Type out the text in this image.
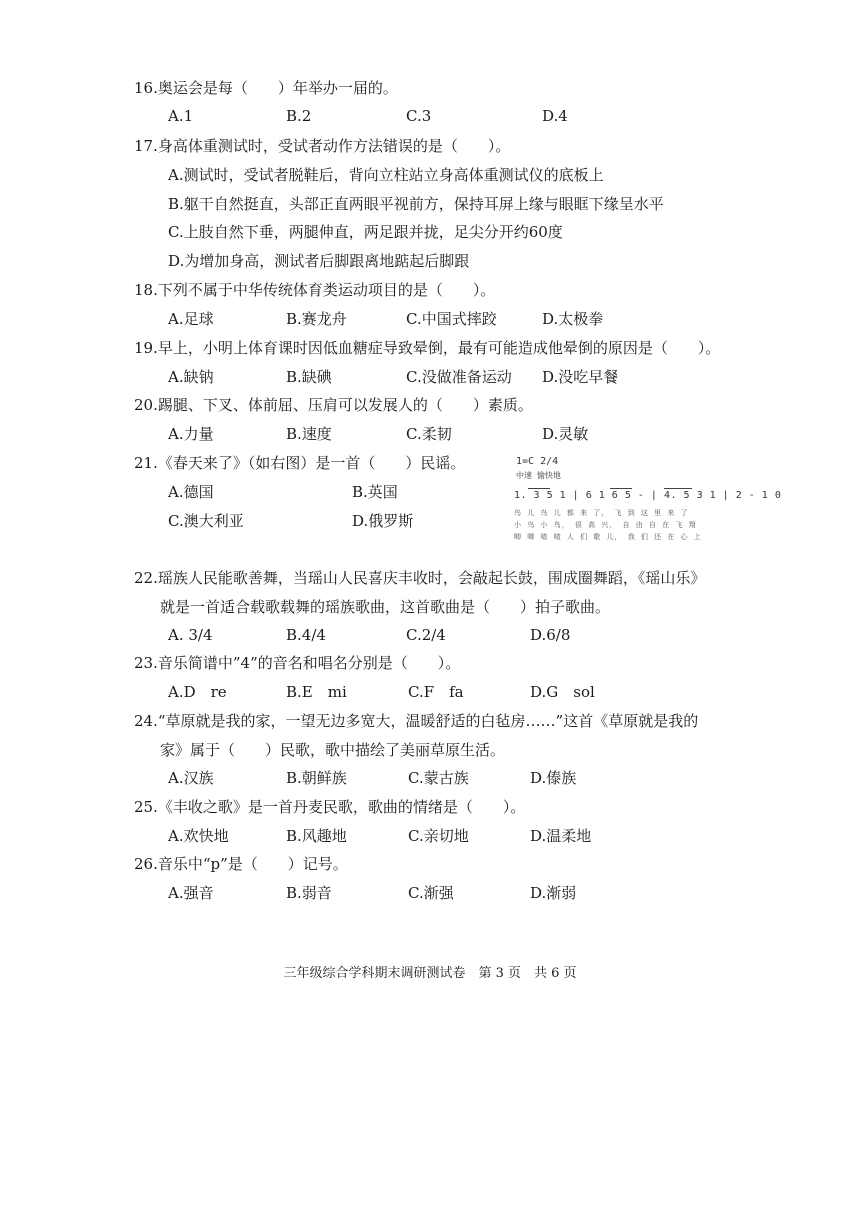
16.奥运会是每（　　）年举办一届的。
A.1	B.2	C.3	D.4
17.身高体重测试时，受试者动作方法错误的是（　　）。
A.测试时，受试者脱鞋后，背向立柱站立身高体重测试仪的底板上
B.躯干自然挺直，头部正直两眼平视前方，保持耳屏上缘与眼眶下缘呈水平
C.上肢自然下垂，两腿伸直，两足跟并拢，足尖分开约60度
D.为增加身高，测试者后脚跟离地踮起后脚跟
18.下列不属于中华传统体育类运动项目的是（　　）。
A.足球	B.赛龙舟	C.中国式摔跤	D.太极拳
19.早上，小明上体育课时因低血糖症导致晕倒，最有可能造成他晕倒的原因是（　　）。
A.缺钠	B.缺碘	C.没做准备运动 D.没吃早餐
20.踢腿、下叉、体前屈、压肩可以发展人的（　　）素质。
A.力量	B.速度	C.柔韧	D.灵敏
21.《春天来了》（如右图）是一首（　　）民谣。
A.德国	B.英国
C.澳大利亚	D.俄罗斯
1=C 2/4
中速 愉快地
1. 3 5 1 | 6 1 6 5 - | 4. 5 3 1 | 2 - 1 0
鸟 儿 鸟 儿 都 来 了， 飞 到 这 里 来 了
小 鸟 小 鸟， 很 高 兴， 自 由 自 在 飞 翔
唧 唧 喳 喳 人 们 歌 儿， 我 们 还 在 心 上
22.瑶族人民能歌善舞，当瑶山人民喜庆丰收时，会敲起长鼓，围成圈舞蹈，《瑶山乐》
就是一首适合载歌载舞的瑶族歌曲，这首歌曲是（　　）拍子歌曲。
A. 3/4	B.4/4	C.2/4	D.6/8
23.音乐简谱中”4”的音名和唱名分别是（　　）。
A.D　re	B.E　mi	C.F　fa	D.G　sol
24.“草原就是我的家，一望无边多宽大，温暖舒适的白毡房……”这首《草原就是我的
家》属于（　　）民歌，歌中描绘了美丽草原生活。
A.汉族	B.朝鲜族	C.蒙古族	D.傣族
25.《丰收之歌》是一首丹麦民歌，歌曲的情绪是（　　）。
A.欢快地	B.风趣地	C.亲切地	D.温柔地
26.音乐中“p”是（　　）记号。
A.强音	B.弱音	C.渐强	D.渐弱
三年级综合学科期末调研测试卷　第 3 页　共 6 页
